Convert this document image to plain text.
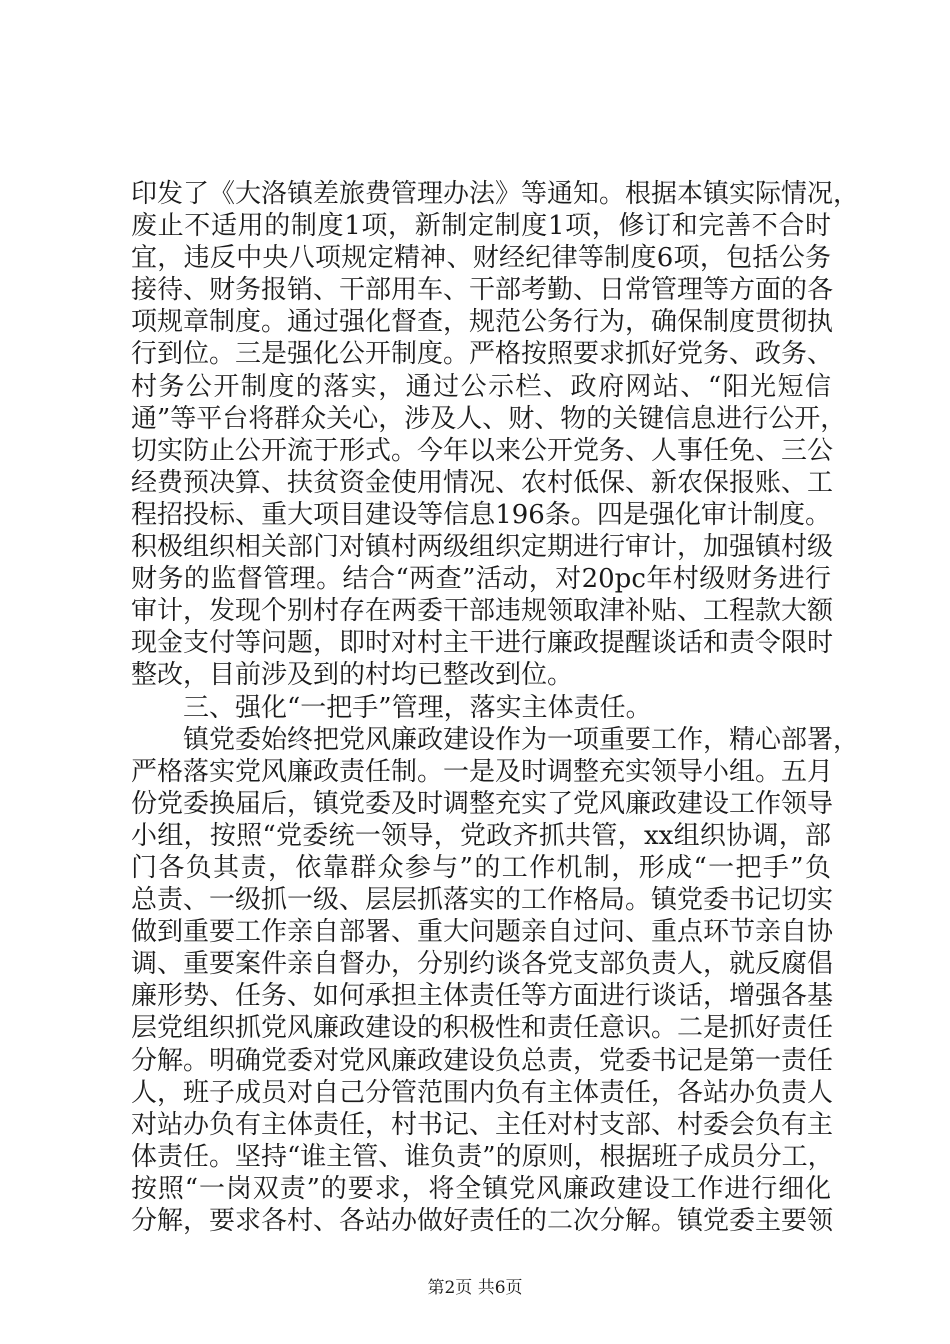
印发了《大洛镇差旅费管理办法》等通知。根据本镇实际情况，
废止不适用的制度1项，新制定制度1项，修订和完善不合时
宜，违反中央八项规定精神、财经纪律等制度6项，包括公务
接待、财务报销、干部用车、干部考勤、日常管理等方面的各
项规章制度。通过强化督查，规范公务行为，确保制度贯彻执
行到位。三是强化公开制度。严格按照要求抓好党务、政务、
村务公开制度的落实，通过公示栏、政府网站、“阳光短信
通”等平台将群众关心，涉及人、财、物的关键信息进行公开，
切实防止公开流于形式。今年以来公开党务、人事任免、三公
经费预决算、扶贫资金使用情况、农村低保、新农保报账、工
程招投标、重大项目建设等信息196条。四是强化审计制度。
积极组织相关部门对镇村两级组织定期进行审计，加强镇村级
财务的监督管理。结合“两查”活动，对20pc年村级财务进行
审计，发现个别村存在两委干部违规领取津补贴、工程款大额
现金支付等问题，即时对村主干进行廉政提醒谈话和责令限时
整改，目前涉及到的村均已整改到位。
三、强化“一把手”管理，落实主体责任。
镇党委始终把党风廉政建设作为一项重要工作，精心部署，
严格落实党风廉政责任制。一是及时调整充实领导小组。五月
份党委换届后，镇党委及时调整充实了党风廉政建设工作领导
小组，按照“党委统一领导，党政齐抓共管，xx组织协调，部
门各负其责，依靠群众参与”的工作机制，形成“一把手”负
总责、一级抓一级、层层抓落实的工作格局。镇党委书记切实
做到重要工作亲自部署、重大问题亲自过问、重点环节亲自协
调、重要案件亲自督办，分别约谈各党支部负责人，就反腐倡
廉形势、任务、如何承担主体责任等方面进行谈话，增强各基
层党组织抓党风廉政建设的积极性和责任意识。二是抓好责任
分解。明确党委对党风廉政建设负总责，党委书记是第一责任
人，班子成员对自己分管范围内负有主体责任，各站办负责人
对站办负有主体责任，村书记、主任对村支部、村委会负有主
体责任。坚持“谁主管、谁负责”的原则，根据班子成员分工，
按照“一岗双责”的要求，将全镇党风廉政建设工作进行细化
分解，要求各村、各站办做好责任的二次分解。镇党委主要领
第2页 共6页
